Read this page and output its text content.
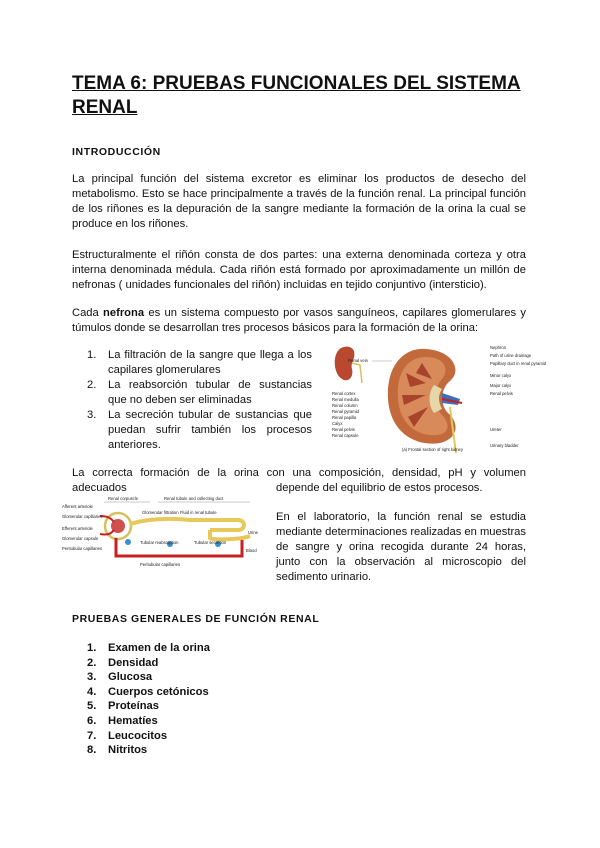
TEMA 6: PRUEBAS FUNCIONALES DEL SISTEMA RENAL
INTRODUCCIÓN
La principal función del sistema excretor es eliminar los productos de desecho del metabolismo. Esto se hace principalmente a través de la función renal. La principal función de los riñones es la depuración de la sangre mediante la formación de la orina la cual se produce en los riñones.
Estructuralmente el riñón consta de dos partes: una externa denominada corteza y otra interna denominada médula. Cada riñón está formado por aproximadamente un millón de nefronas ( unidades funcionales del riñón) incluidas en tejido conjuntivo (intersticio).
Cada nefrona es un sistema compuesto por vasos sanguíneos, capilares glomerulares y túmulos donde se desarrollan tres procesos básicos para la formación de la orina:
1. La filtración de la sangre que llega a los capilares glomerulares
2. La reabsorción tubular de sustancias que no deben ser eliminadas
3. La secreción tubular de sustancias que puedan sufrir también los procesos anteriores.
Renal vein
Renal cortex
Renal medulla
Renal column
Renal pyramid
Renal papilla
Calyx
Renal pelvis
Renal capsule
Nephron
Path of urine drainage
Papillary duct in renal pyramid
Minor calyx
Major calyx
Renal pelvis
Ureter
Urinary bladder
(a) Frontal section of right kidney
La correcta formación de la orina con una composición, densidad, pH y volumen adecuados	depende del equilibrio de estos procesos.
Renal corpuscle	Renal tubule and collecting duct
Afferent arteriole
Glomerular capillaries
Efferent arteriole
Glomerular capsule
Peritubular capillaries
Glomerular filtration
Tubular reabsorption	Tubular secretion
Fluid in renal tubule
Urine
Blood
Peritubular capillaries
En el laboratorio, la función renal se estudia mediante determinaciones realizadas en muestras de sangre y orina recogida durante 24 horas, junto con la observación al microscopio del sedimento urinario.
PRUEBAS GENERALES DE FUNCIÓN RENAL
1. Examen de la orina
2. Densidad
3. Glucosa
4. Cuerpos cetónicos
5. Proteínas
6. Hematíes
7. Leucocitos
8. Nitritos
